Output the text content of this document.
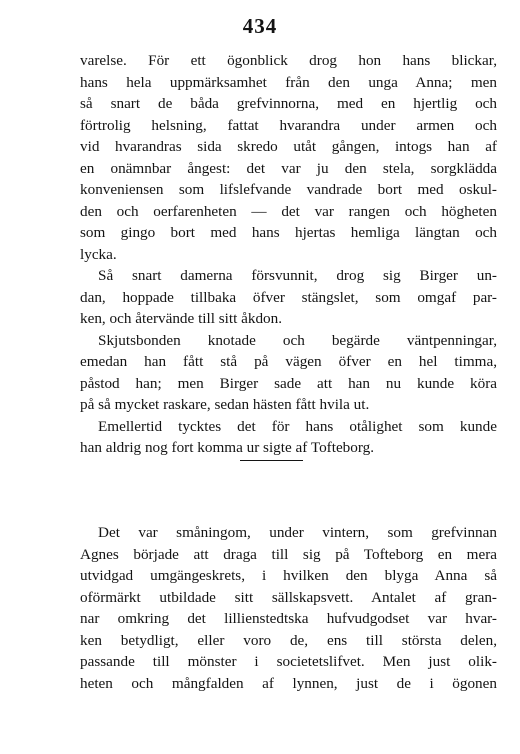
434
varelse. För ett ögonblick drog hon hans blickar,
hans hela uppmärksamhet från den unga Anna; men
så snart de båda grefvinnorna, med en hjertlig och
förtrolig helsning, fattat hvarandra under armen och
vid hvarandras sida skredo utåt gången, intogs han af
en onämnbar ångest: det var ju den stela, sorgklädda
konveniensen som lifslefvande vandrade bort med oskul-
den och oerfarenheten — det var rangen och högheten
som gingo bort med hans hjertas hemliga längtan och
lycka.
Så snart damerna försvunnit, drog sig Birger un-
dan, hoppade tillbaka öfver stängslet, som omgaf par-
ken, och återvände till sitt åkdon.
Skjutsbonden knotade och begärde väntpenningar,
emedan han fått stå på vägen öfver en hel timma,
påstod han; men Birger sade att han nu kunde köra
på så mycket raskare, sedan hästen fått hvila ut.
Emellertid tycktes det för hans otålighet som kunde
han aldrig nog fort komma ur sigte af Tofteborg.
Det var småningom, under vintern, som grefvinnan
Agnes började att draga till sig på Tofteborg en mera
utvidgad umgängeskrets, i hvilken den blyga Anna så
oförmärkt utbildade sitt sällskapsvett. Antalet af gran-
nar omkring det lillienstedtska hufvudgodset var hvar-
ken betydligt, eller voro de, ens till största delen,
passande till mönster i societetslifvet. Men just olik-
heten och mångfalden af lynnen, just de i ögonen
